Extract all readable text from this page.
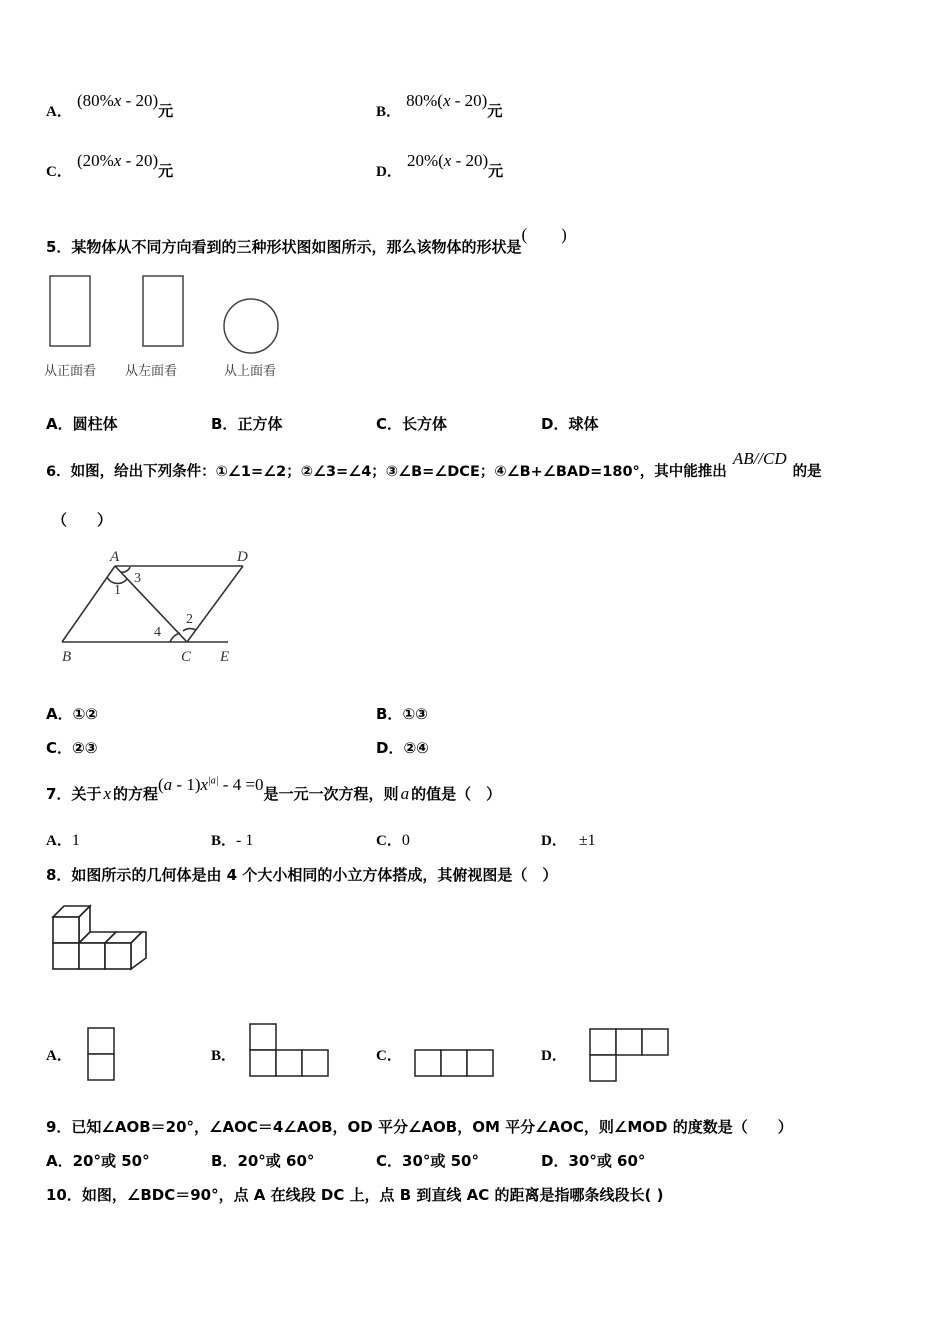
A． (80%x - 20)元	B． 80%(x - 20)元
C． (20%x - 20)元	D． 20%(x - 20)元
5．某物体从不同方向看到的三种形状图如图所示，那么该物体的形状是(　　)
从正面看 从左面看	从上面看
A．圆柱体	B．正方体	C．长方体	D．球体
6．如图，给出下列条件：①∠1=∠2；②∠3=∠4；③∠B=∠DCE；④∠B+∠BAD=180°，其中能推出AB//CD的是
（　　）
A	D
B	C E
1
3
4
2
A．①②	B．①③
C．②③	D．②④
7．关于 x 的方程$(a - 1)x^{|a|} - 4 =0$是一元一次方程，则 a 的值是（　）
A．1	B．- 1	C．0	D． ±1
8．如图所示的几何体是由 4 个大小相同的小立方体搭成，其俯视图是（　）
A．	B．	C．	D．
9．已知∠AOB＝20°，∠AOC＝4∠AOB，OD 平分∠AOB，OM 平分∠AOC，则∠MOD 的度数是（　　）
A．20°或 50°	B．20°或 60°	C．30°或 50°	D．30°或 60°
10．如图，∠BDC＝90°，点 A 在线段 DC 上，点 B 到直线 AC 的距离是指哪条线段长( )
